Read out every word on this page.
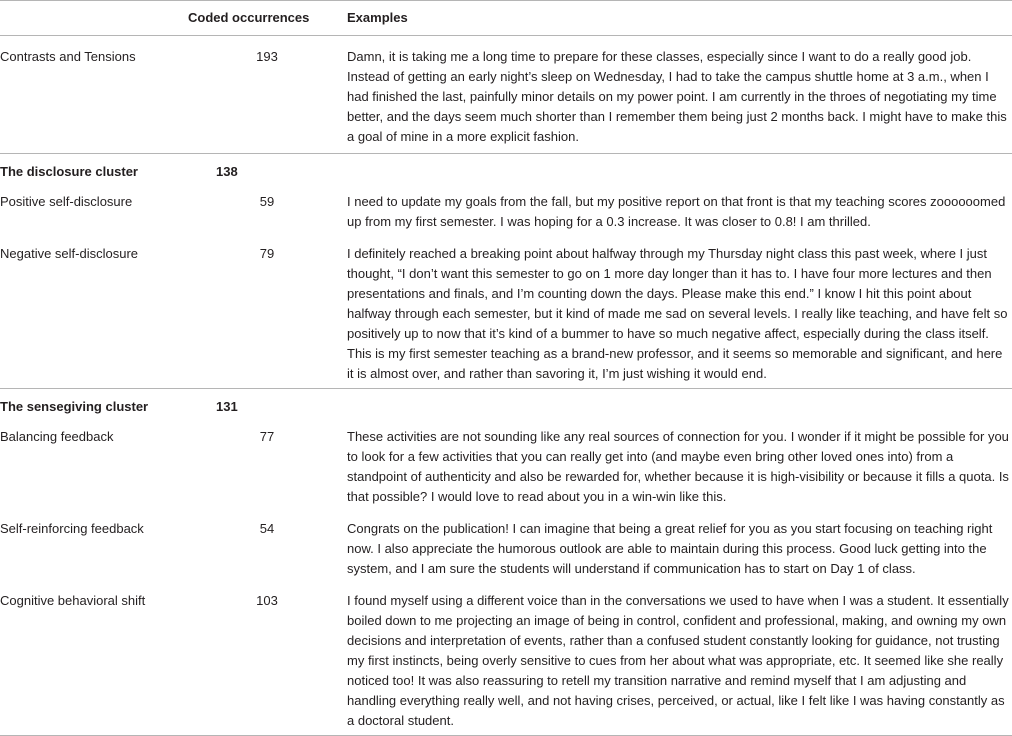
	Coded occurrences	Examples
Contrasts and Tensions	193	Damn, it is taking me a long time to prepare for these classes, especially since I want to do a really good job. Instead of getting an early night’s sleep on Wednesday, I had to take the campus shuttle home at 3 a.m., when I had finished the last, painfully minor details on my power point. I am currently in the throes of negotiating my time better, and the days seem much shorter than I remember them being just 2 months back. I might have to make this a goal of mine in a more explicit fashion.
The disclosure cluster	138	
Positive self-disclosure	59	I need to update my goals from the fall, but my positive report on that front is that my teaching scores zoooooomed up from my first semester. I was hoping for a 0.3 increase. It was closer to 0.8! I am thrilled.
Negative self-disclosure	79	I definitely reached a breaking point about halfway through my Thursday night class this past week, where I just thought, “I don’t want this semester to go on 1 more day longer than it has to. I have four more lectures and then presentations and finals, and I’m counting down the days. Please make this end.” I know I hit this point about halfway through each semester, but it kind of made me sad on several levels. I really like teaching, and have felt so positively up to now that it’s kind of a bummer to have so much negative affect, especially during the class itself. This is my first semester teaching as a brand-new professor, and it seems so memorable and significant, and here it is almost over, and rather than savoring it, I’m just wishing it would end.
The sensegiving cluster	131	
Balancing feedback	77	These activities are not sounding like any real sources of connection for you. I wonder if it might be possible for you to look for a few activities that you can really get into (and maybe even bring other loved ones into) from a standpoint of authenticity and also be rewarded for, whether because it is high-visibility or because it fills a quota. Is that possible? I would love to read about you in a win-win like this.
Self-reinforcing feedback	54	Congrats on the publication! I can imagine that being a great relief for you as you start focusing on teaching right now. I also appreciate the humorous outlook are able to maintain during this process. Good luck getting into the system, and I am sure the students will understand if communication has to start on Day 1 of class.
Cognitive behavioral shift	103	I found myself using a different voice than in the conversations we used to have when I was a student. It essentially boiled down to me projecting an image of being in control, confident and professional, making, and owning my own decisions and interpretation of events, rather than a confused student constantly looking for guidance, not trusting my first instincts, being overly sensitive to cues from her about what was appropriate, etc. It seemed like she really noticed too! It was also reassuring to retell my transition narrative and remind myself that I am adjusting and handling everything really well, and not having crises, perceived, or actual, like I felt like I was having constantly as a doctoral student.
